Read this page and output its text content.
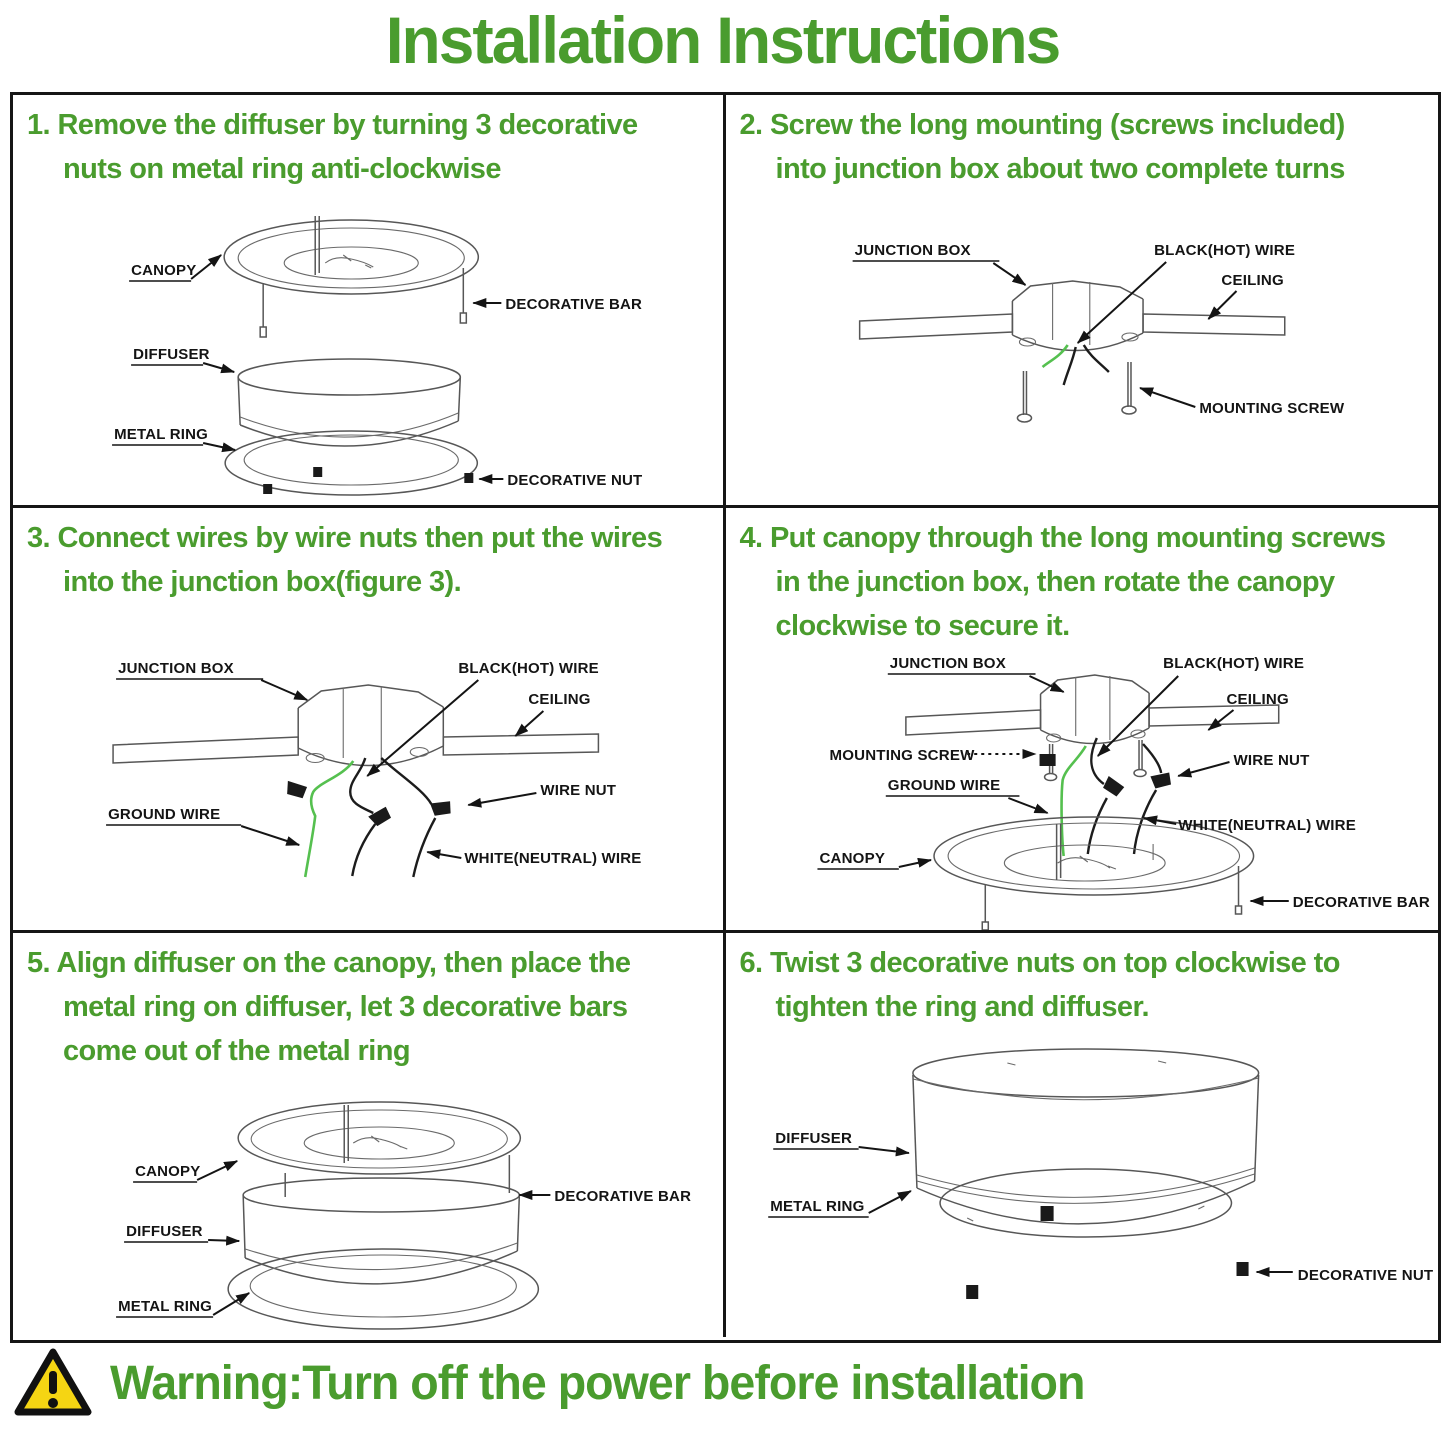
Installation Instructions
1. Remove the diffuser by turning 3 decorative
nuts on metal ring anti-clockwise
CANOPY
DECORATIVE BAR
DIFFUSER
METAL RING
DECORATIVE NUT
2. Screw the long mounting (screws included)
into junction box about two complete turns
JUNCTION BOX	BLACK(HOT) WIRE
CEILING
MOUNTING SCREW
3. Connect wires by wire nuts then put the wires
into the junction box(figure 3).
JUNCTION BOX	BLACK(HOT) WIRE
CEILING
GROUND WIRE
WIRE NUT
WHITE(NEUTRAL) WIRE
4. Put canopy through the long mounting screws
in the junction box, then rotate the canopy
clockwise to secure it.
JUNCTION BOX	BLACK(HOT) WIRE
CEILING
MOUNTING SCREW
GROUND WIRE
WIRE NUT
WHITE(NEUTRAL) WIRE
CANOPY
DECORATIVE BAR
5. Align diffuser on the canopy, then place the
metal ring on diffuser, let 3 decorative bars
come out of the metal ring
CANOPY
DECORATIVE BAR
DIFFUSER
METAL RING
6. Twist 3 decorative nuts on top clockwise to
tighten the ring and diffuser.
DIFFUSER
METAL RING
DECORATIVE NUT
Warning:Turn off the power before installation
